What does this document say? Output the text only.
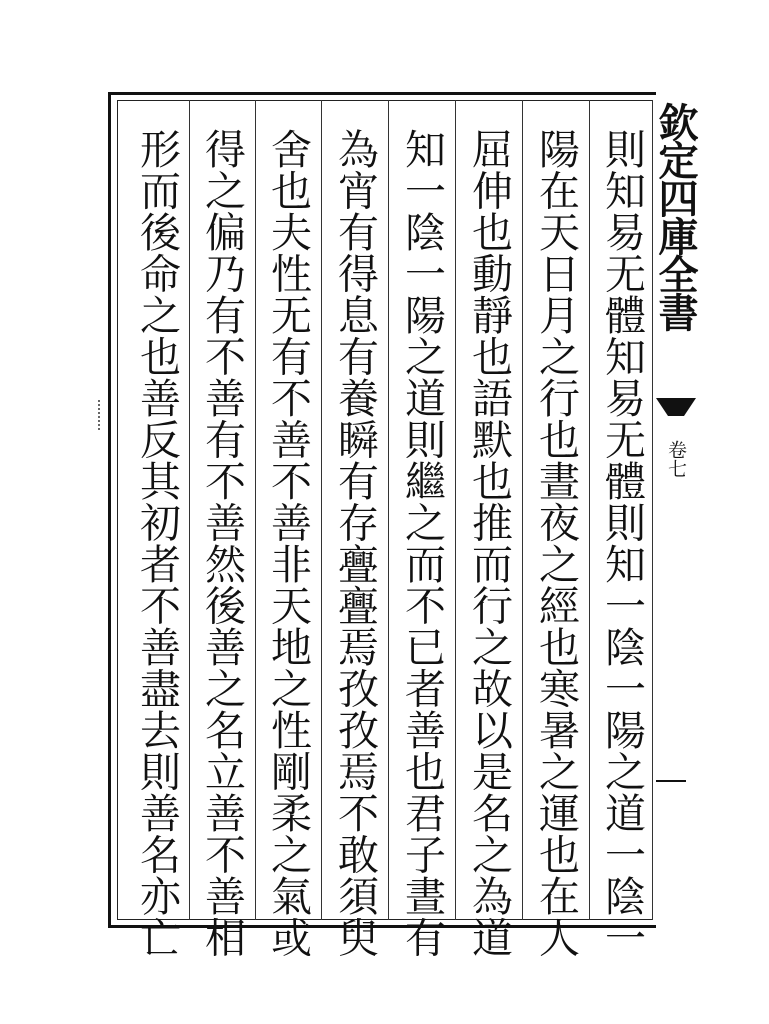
則知易无體知易无體則知一陰一陽之道一陰一
陽在天日月之行也晝夜之經也寒暑之運也在人
屈伸也動靜也語默也推而行之故以是名之為道
知一陰一陽之道則繼之而不已者善也君子晝有
為宵有得息有養瞬有存亹亹焉孜孜焉不敢須臾
舍也夫性无有不善不善非天地之性剛柔之氣或
得之偏乃有不善有不善然後善之名立善不善相
形而後命之也善反其初者不善盡去則善名亦亡	欽定四庫全書
卷七
